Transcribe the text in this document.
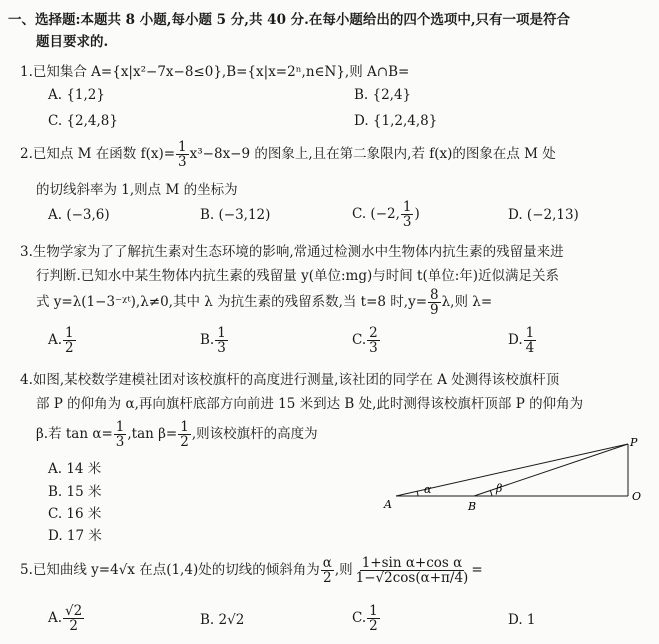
一、选择题:本题共 8 小题,每小题 5 分,共 40 分.在每小题给出的四个选项中,只有一项是符合
题目要求的.
1.已知集合 A={x|x²−7x−8≤0},B={x|x=2ⁿ,n∈N},则 A∩B=
A. {1,2}	B. {2,4}
C. {2,4,8}	D. {1,2,4,8}
2.已知点 M 在函数 $f(x)= \frac{1}{3} x^3-8x-9$ 的图象上,且在第二象限内,若 f(x)的图象在点 M 处
的切线斜率为 1,则点 M 的坐标为
A. (−3,6)	B. (−3,12)	C. (−2, $\frac{1}{3}$ )	D. (−2,13)
3.生物学家为了了解抗生素对生态环境的影响,常通过检测水中生物体内抗生素的残留量来进
行判断.已知水中某生物体内抗生素的残留量 y(单位:mg)与时间 t(单位:年)近似满足关系
式 y=λ(1−3⁻ᵡᵗ),λ≠0,其中 λ 为抗生素的残留系数,当 t=8 时$,y= \frac{8}{9} \lambda$,则 λ=
A. $\frac{1}{2}$	B. $\frac{1}{3}$	C. $\frac{2}{3}$	D. $\frac{1}{4}$
4.如图,某校数学建模社团对该校旗杆的高度进行测量,该社团的同学在 A 处测得该校旗杆顶
部 P 的仰角为 α,再向旗杆底部方向前进 15 米到达 B 处,此时测得该校旗杆顶部 P 的仰角为
β.若 $\tan \alpha= \frac{1}{3} ,\tan$ $\beta= \frac{1}{2}$ ,则该校旗杆的高度为
A. 14 米
B. 15 米
C. 16 米
D. 17 米
α	β
P
A	B
O
5.已知曲线 y=4√x 在点(1,4)处的切线的倾斜角为 $\frac{\alpha}{2}$ ,则 $\frac{\text{1+sin α+cos α}}{1-√2\cos(\alpha+\pi/4)}$ =
A. $\frac{√2}{2}$	B. 2√2	C. $\frac{1}{2}$	D. 1
